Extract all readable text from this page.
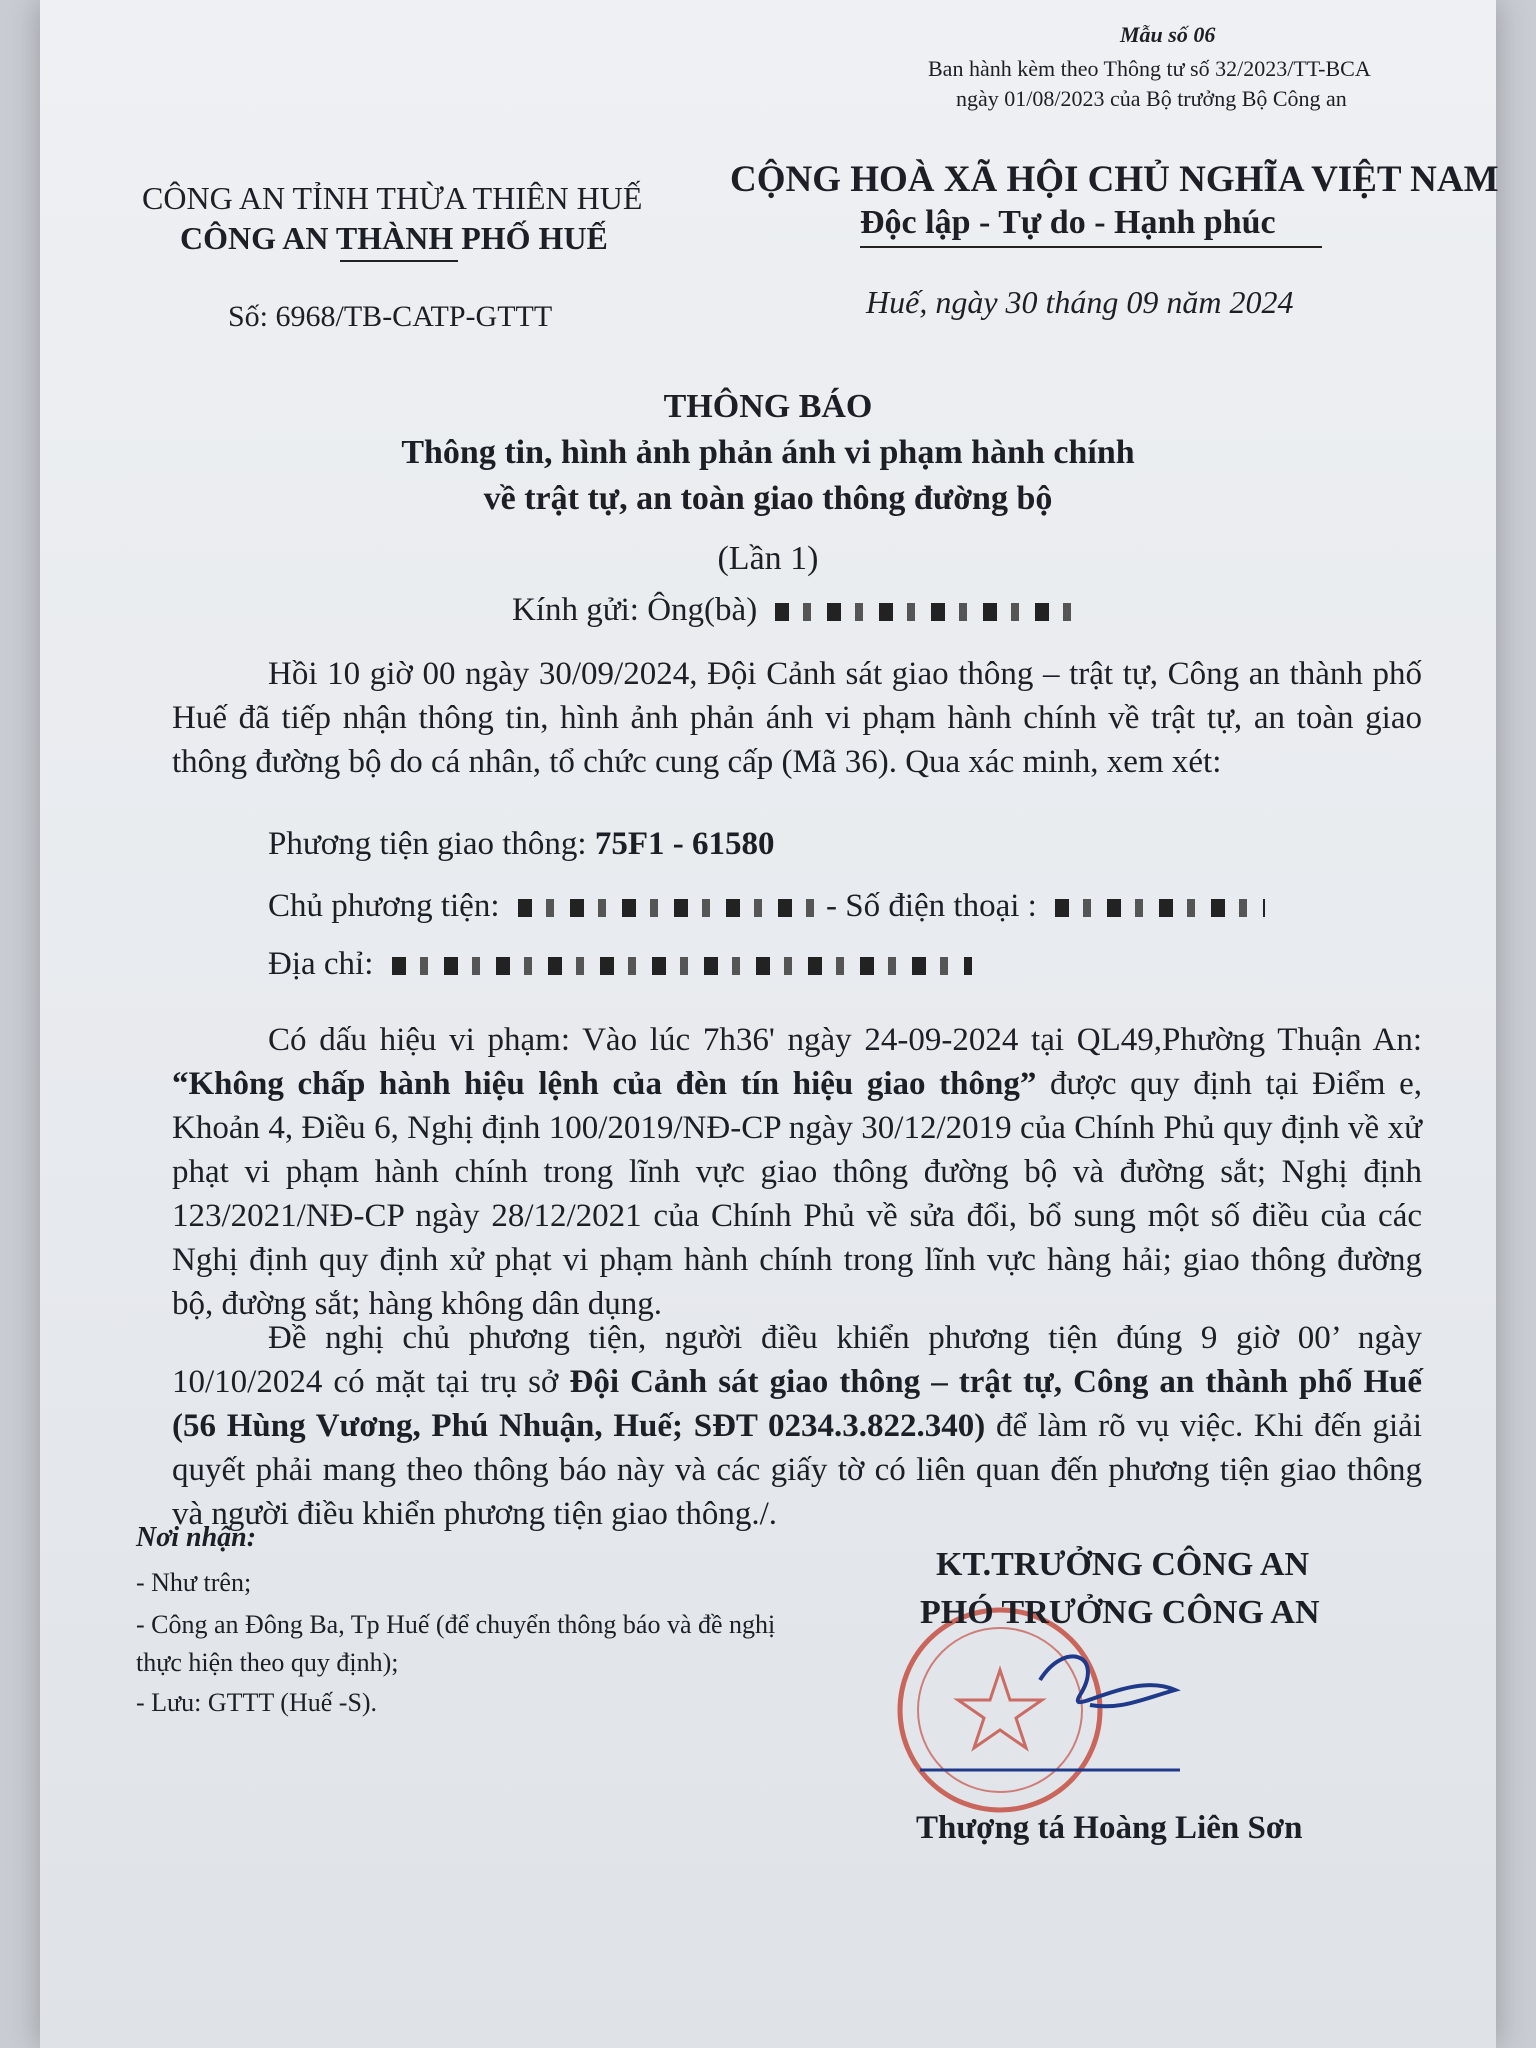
Mẫu số 06
Ban hành kèm theo Thông tư số 32/2023/TT-BCA
ngày 01/08/2023 của Bộ trưởng Bộ Công an
CÔNG AN TỈNH THỪA THIÊN HUẾ
CÔNG AN THÀNH PHỐ HUẾ
Số: 6968/TB-CATP-GTTT
CỘNG HOÀ XÃ HỘI CHỦ NGHĨA VIỆT NAM
Độc lập - Tự do - Hạnh phúc
Huế, ngày 30 tháng 09 năm 2024
THÔNG BÁO
Thông tin, hình ảnh phản ánh vi phạm hành chính
về trật tự, an toàn giao thông đường bộ
(Lần 1)
Kính gửi: Ông(bà)
Hồi 10 giờ 00 ngày 30/09/2024, Đội Cảnh sát giao thông – trật tự, Công an thành phố Huế đã tiếp nhận thông tin, hình ảnh phản ánh vi phạm hành chính về trật tự, an toàn giao thông đường bộ do cá nhân, tổ chức cung cấp (Mã 36). Qua xác minh, xem xét:
Phương tiện giao thông: 75F1 - 61580
Chủ phương tiện:	- Số điện thoại :
Địa chỉ:
Có dấu hiệu vi phạm: Vào lúc 7h36' ngày 24-09-2024 tại QL49,Phường Thuận An: “Không chấp hành hiệu lệnh của đèn tín hiệu giao thông” được quy định tại Điểm e, Khoản 4, Điều 6, Nghị định 100/2019/NĐ-CP ngày 30/12/2019 của Chính Phủ quy định về xử phạt vi phạm hành chính trong lĩnh vực giao thông đường bộ và đường sắt; Nghị định 123/2021/NĐ-CP ngày 28/12/2021 của Chính Phủ về sửa đổi, bổ sung một số điều của các Nghị định quy định xử phạt vi phạm hành chính trong lĩnh vực hàng hải; giao thông đường bộ, đường sắt; hàng không dân dụng.
Đề nghị chủ phương tiện, người điều khiển phương tiện đúng 9 giờ 00’ ngày 10/10/2024 có mặt tại trụ sở Đội Cảnh sát giao thông – trật tự, Công an thành phố Huế (56 Hùng Vương, Phú Nhuận, Huế; SĐT 0234.3.822.340) để làm rõ vụ việc. Khi đến giải quyết phải mang theo thông báo này và các giấy tờ có liên quan đến phương tiện giao thông và người điều khiển phương tiện giao thông./.
Nơi nhận:
- Như trên;
- Công an Đông Ba, Tp Huế (để chuyển thông báo và đề nghị thực hiện theo quy định);
- Lưu: GTTT (Huế -S).
KT.TRƯỞNG CÔNG AN
PHÓ TRƯỞNG CÔNG AN
Thượng tá Hoàng Liên Sơn
